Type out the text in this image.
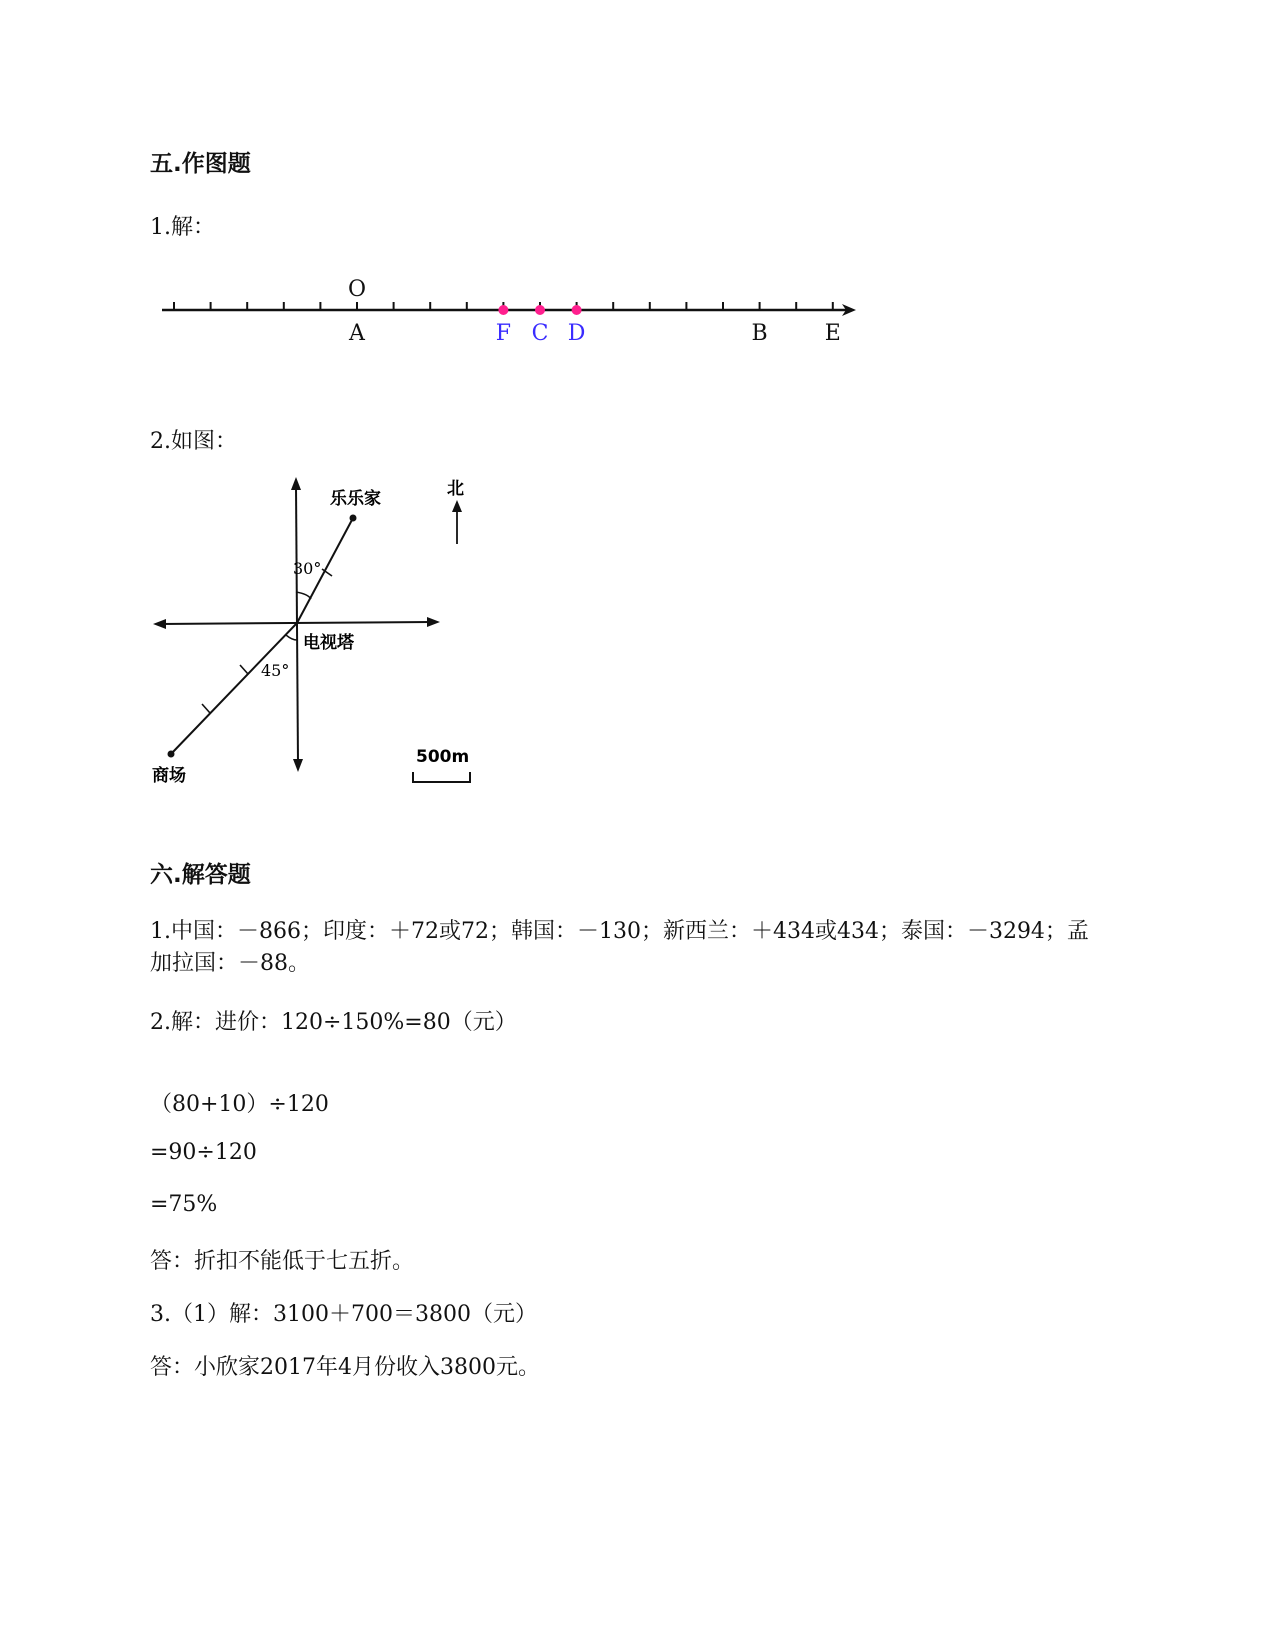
五.作图题
1.解：
A	F C D	B	E
O
2.如图：
乐乐家
30°
电视塔
45°
商场
北
500m
六.解答题
1.中国：－866；印度：＋72或72；韩国：－130；新西兰：＋434或434；泰国：－3294；孟加拉国：－88。
2.解：进价：120÷150%=80（元）
（80+10）÷120
=90÷120
=75%
答：折扣不能低于七五折。
3.（1）解：3100＋700＝3800（元）
答：小欣家2017年4月份收入3800元。
